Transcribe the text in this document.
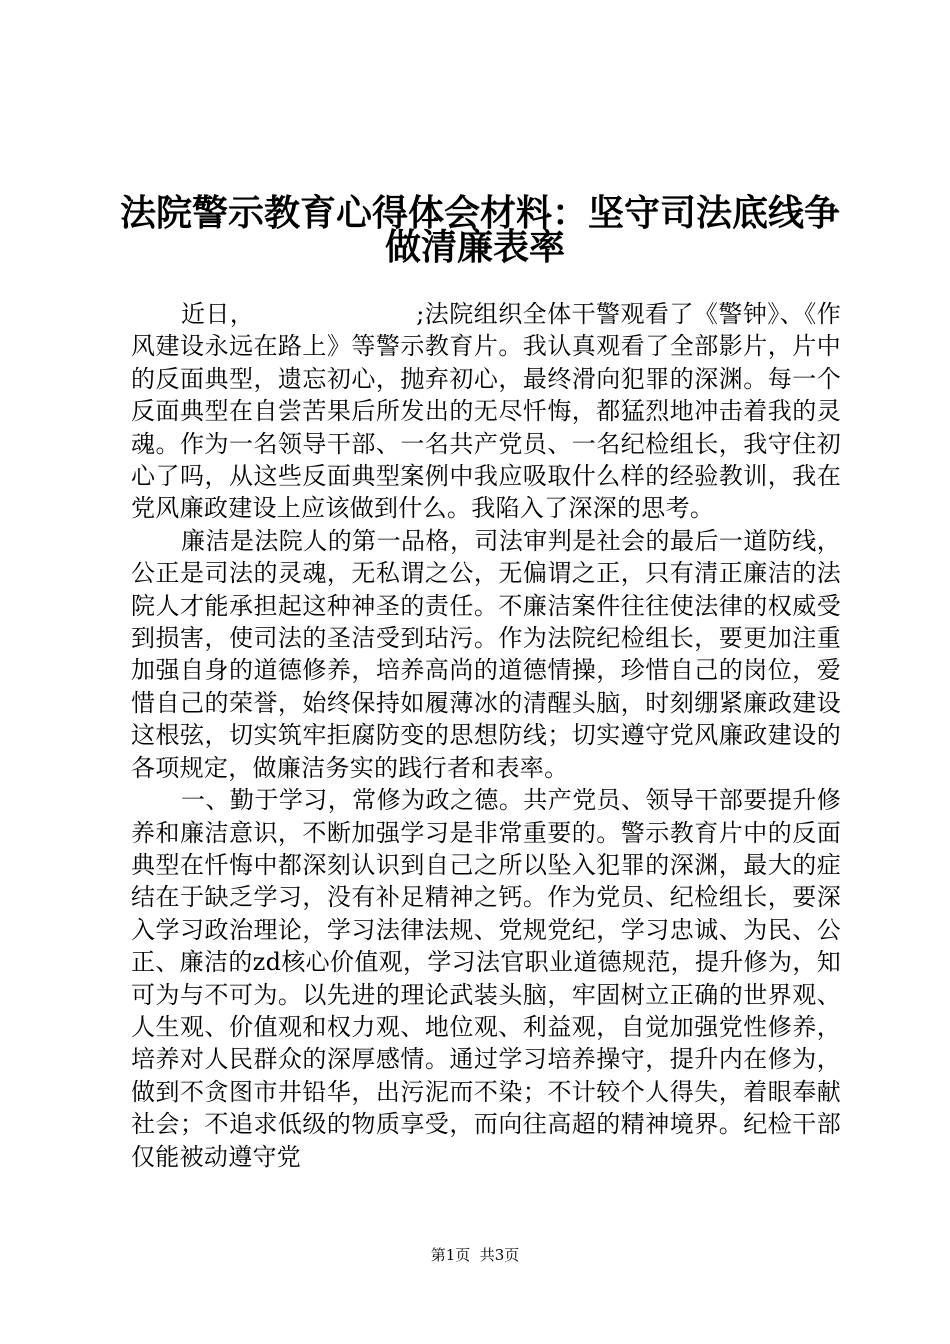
法院警示教育心得体会材料：坚守司法底线争
做清廉表率

近日，                    ;法院组织全体干警观看了《警钟》、《作风建设永远在路上》等警示教育片。我认真观看了全部影片，片中的反面典型，遗忘初心，抛弃初心，最终滑向犯罪的深渊。每一个反面典型在自尝苦果后所发出的无尽忏悔，都猛烈地冲击着我的灵魂。作为一名领导干部、一名共产党员、一名纪检组长，我守住初心了吗，从这些反面典型案例中我应吸取什么样的经验教训，我在党风廉政建设上应该做到什么。我陷入了深深的思考。

廉洁是法院人的第一品格，司法审判是社会的最后一道防线，公正是司法的灵魂，无私谓之公，无偏谓之正，只有清正廉洁的法院人才能承担起这种神圣的责任。不廉洁案件往往使法律的权威受到损害，使司法的圣洁受到玷污。作为法院纪检组长，要更加注重加强自身的道德修养，培养高尚的道德情操，珍惜自己的岗位，爱惜自己的荣誉，始终保持如履薄冰的清醒头脑，时刻绷紧廉政建设这根弦，切实筑牢拒腐防变的思想防线；切实遵守党风廉政建设的各项规定，做廉洁务实的践行者和表率。

一、勤于学习，常修为政之德。共产党员、领导干部要提升修养和廉洁意识，不断加强学习是非常重要的。警示教育片中的反面典型在忏悔中都深刻认识到自己之所以坠入犯罪的深渊，最大的症结在于缺乏学习，没有补足精神之钙。作为党员、纪检组长，要深入学习政治理论，学习法律法规、党规党纪，学习忠诚、为民、公正、廉洁的zd核心价值观，学习法官职业道德规范，提升修为，知可为与不可为。以先进的理论武装头脑，牢固树立正确的世界观、人生观、价值观和权力观、地位观、利益观，自觉加强党性修养，培养对人民群众的深厚感情。通过学习培养操守，提升内在修为，做到不贪图市井铅华，出污泥而不染；不计较个人得失，着眼奉献社会；不追求低级的物质享受，而向往高超的精神境界。纪检干部仅能被动遵守党

第1页  共3页
